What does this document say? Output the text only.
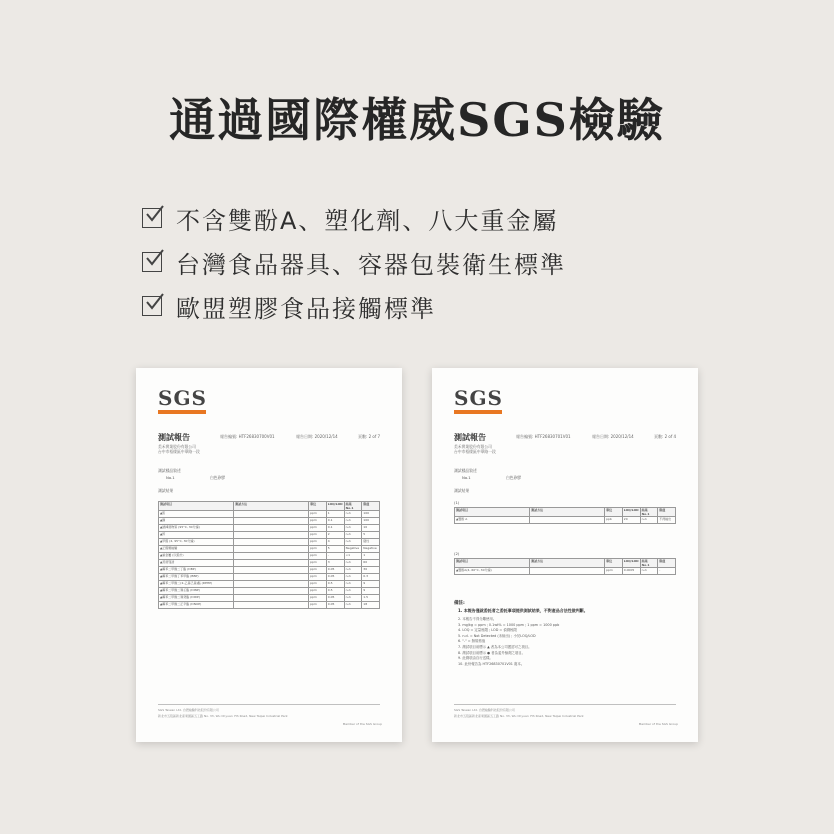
通過國際權威SGS檢驗
不含雙酚A、塑化劑、八大重金屬
台灣食品器具、容器包裝衛生標準
歐盟塑膠食品接觸標準
SGS
測試報告	報告編號: HTF26830700V01	報告日期: 2020/12/14	頁數: 2 of 7
美禾實業股份有限公司
台中市梧棲區中華路一段
測試樣品敘述
No.1	白色矽膠
測試結果
測試項目	測試方法	單位	LOQ/LOD	結果 No.1	限值
▲鉛		ppm	1	n.d.	100
▲鎘		ppm	0.1	n.d.	100
▲總揮發物質 (95°C, 30分鐘)		ppm	0.1	n.d.	10
▲鋅		ppm	2	n.d.	5
▲甲醛 (4, 95°C, 30分鐘)		ppm	4	n.d.	陰性
▲正醛類檢驗		ppm	5	Negative	Negative
▲重金屬 (以鉛計)		ppm	-	<1	1
▲蒸發殘渣		ppm	3	n.d.	60
▲鄰苯二甲酸二丁酯 (DBP)		ppm	0.05	n.d.	30
▲鄰苯二甲酸丁苯甲酯 (BBP)		ppm	0.05	n.d.	0.3
▲鄰苯二甲酸二(2-乙基己基)酯 (DEHP)		ppm	0.5	n.d.	9
▲鄰苯二甲酸二異壬酯 (DINP)		ppm	0.5	n.d.	9
▲鄰苯二甲酸二異癸酯 (DIDP)		ppm	0.05	n.d.	1.5
▲鄰苯二甲酸二正辛酯 (DNOP)		ppm	0.05	n.d.	18
SGS Taiwan Ltd. 台灣檢驗科技股份有限公司
新北市五股區新北產業園區五工路 No. 33, Wu Chyuan 7th Road, New Taipei Industrial Park
Member of the SGS Group
SGS
測試報告	報告編號: HTF26830701V01	報告日期: 2020/12/14	頁數: 2 of 4
美禾實業股份有限公司
台中市梧棲區中華路一段
測試樣品敘述
No.1	白色矽膠
測試結果
(1)
測試項目	測試方法	單位	LOQ/LOD	結果 No.1	限值
▲雙酚 A		ppb	20	n.d.	不得檢出
(2)
測試項目	測試方法	單位	LOQ/LOD	結果 No.1	限值
▲雙酚A(4, 60°C, 30分鐘)		ppm	0.0005	n.d.	-
備註:
1. 本報告僅就委託者之委託事項提供測試結果，不對產品合法性做判斷。
2. 本報告不得分離使用。
3. mg/kg = ppm ; 0.1wt% = 1000 ppm ; 1 ppm = 1000 ppb
4. LOQ = 定量極限 ; LOD = 偵測極限
5. n.d. = Not Detected (未檢出) ; 小於LOQ/LOD
6. "-" = 無規格值
7. 測試項目前標示 ▲ 者為本公司獲認可之項目。
8. 測試項目前標示 ● 者為委外檢測之項目。
9. 此測項由自行送樣。
10. 此份報告為 HTF26830701V01 複本。
SGS Taiwan Ltd. 台灣檢驗科技股份有限公司
新北市五股區新北產業園區五工路 No. 33, Wu Chyuan 7th Road, New Taipei Industrial Park
Member of the SGS Group
